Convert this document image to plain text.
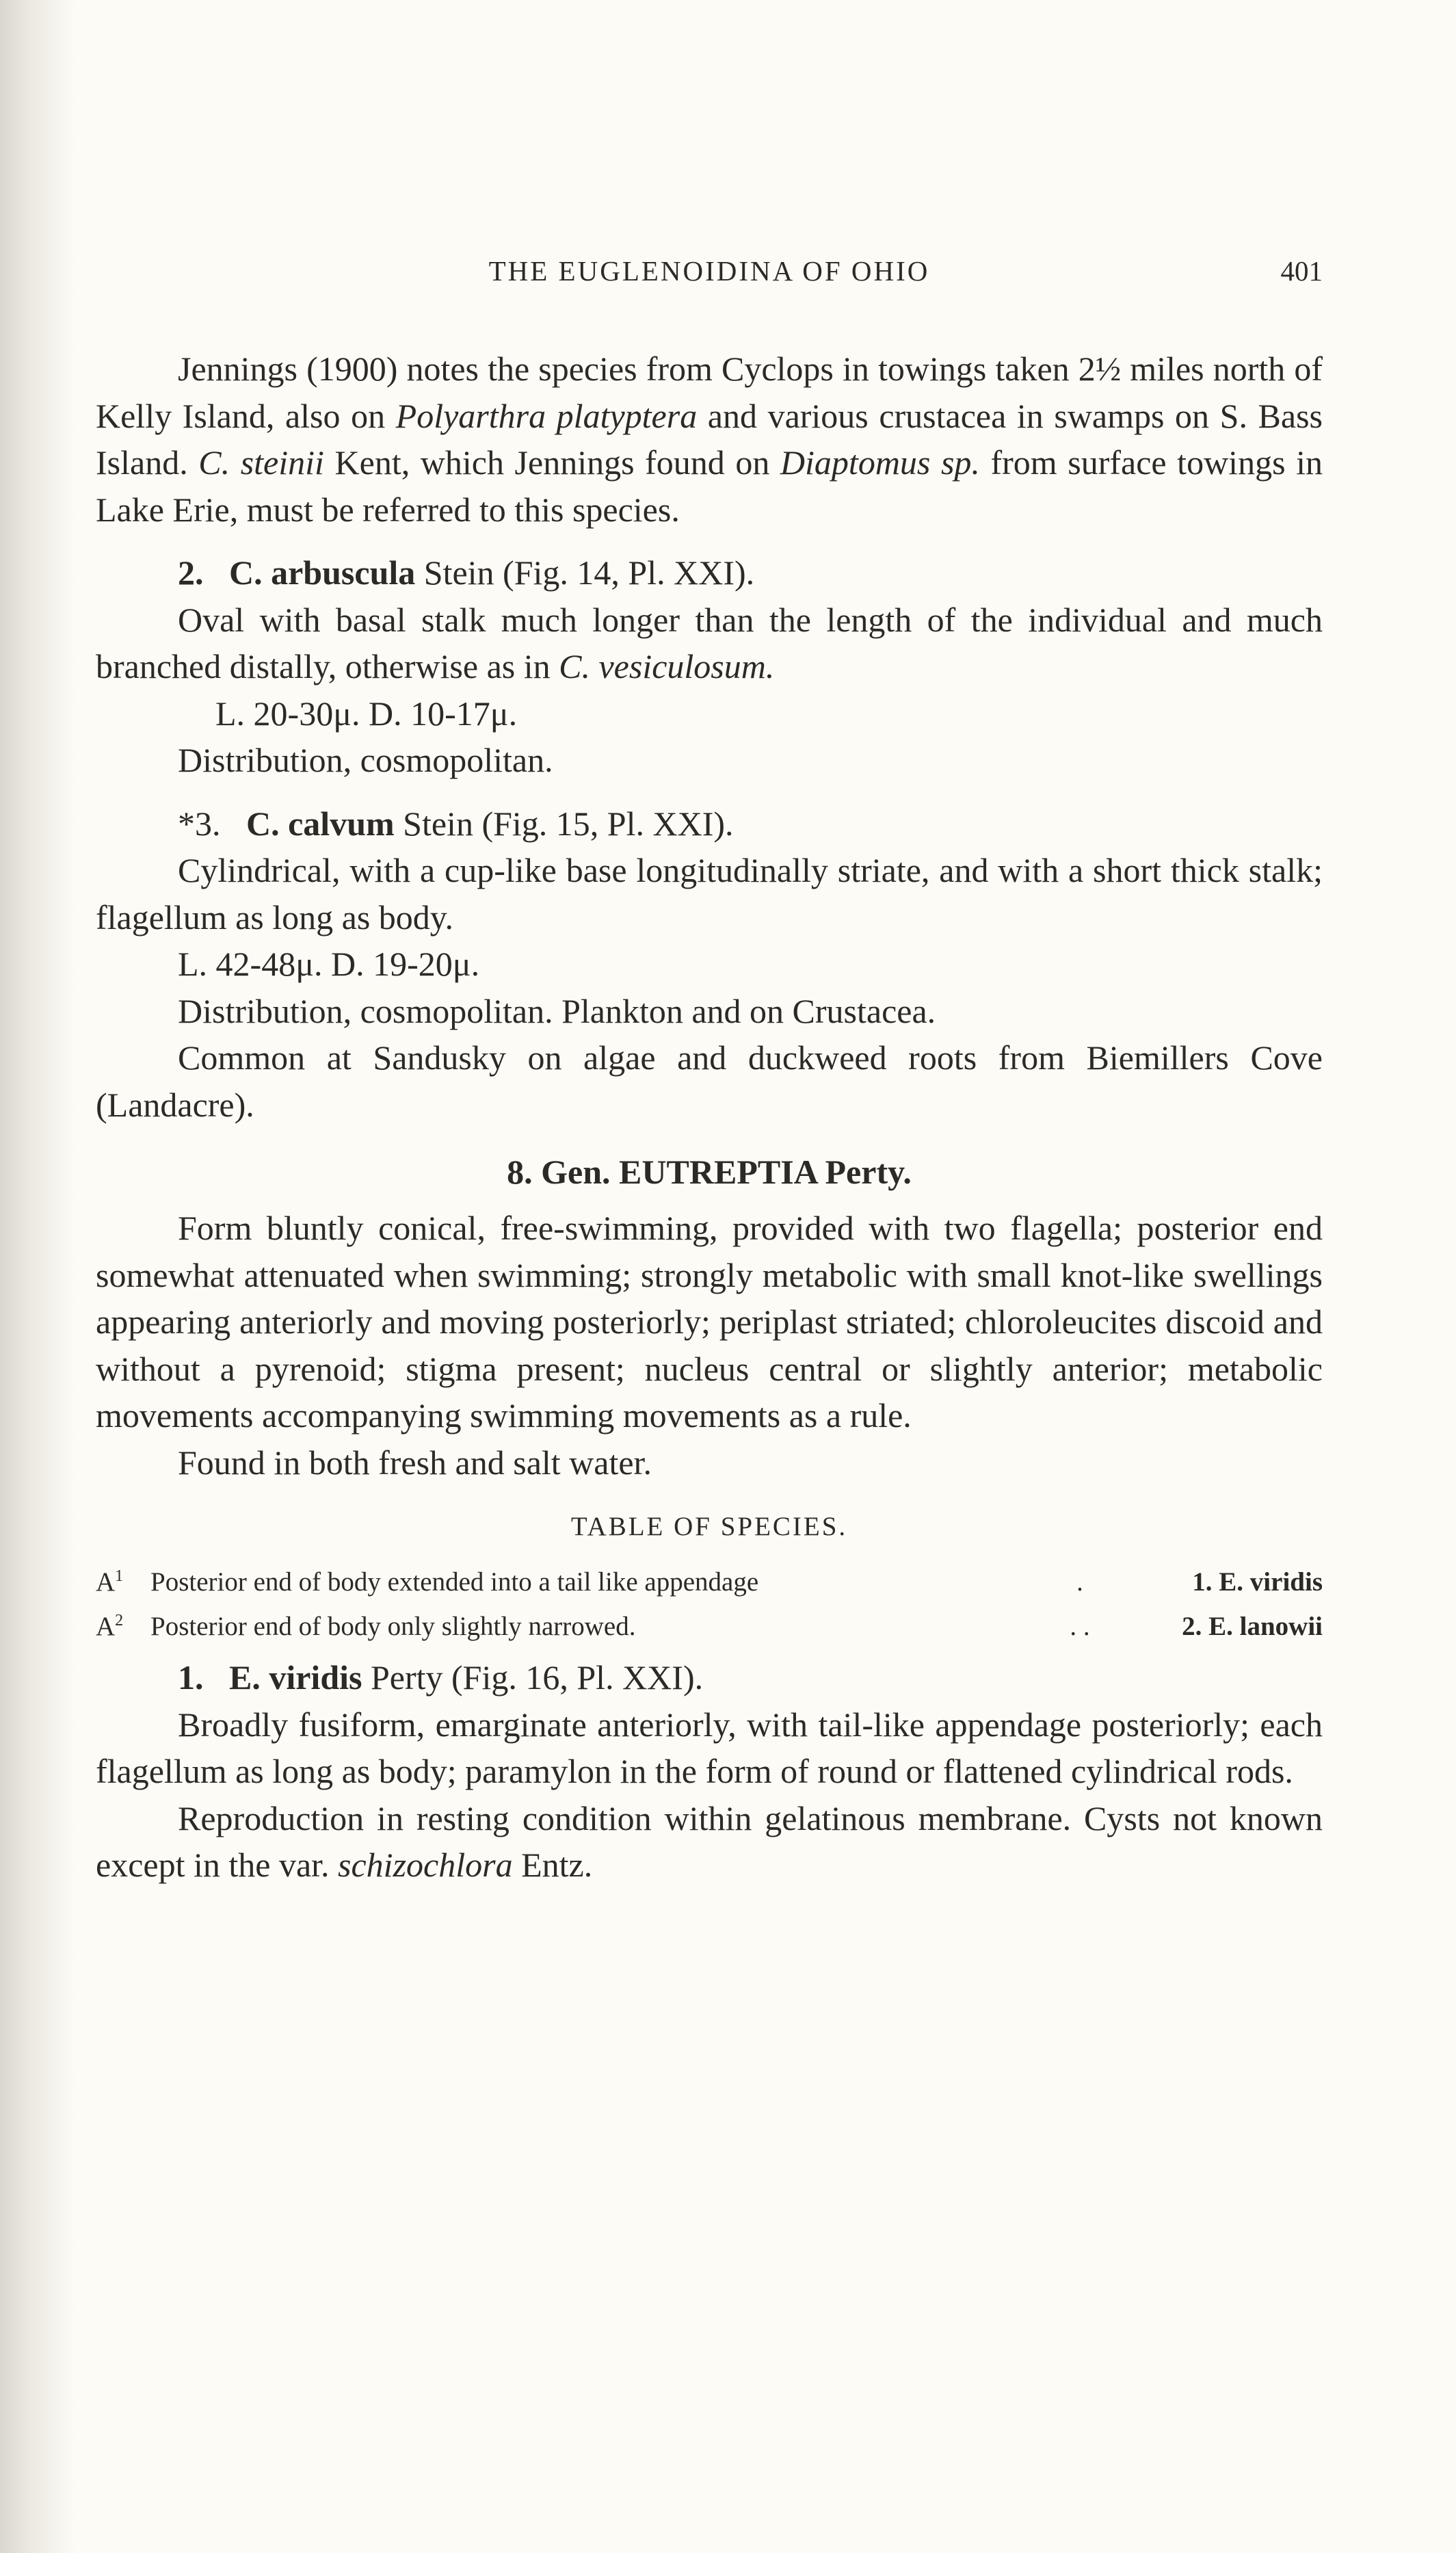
THE EUGLENOIDINA OF OHIO	401

Jennings (1900) notes the species from Cyclops in towings taken 2½ miles north of Kelly Island, also on Polyarthra platyptera and various crustacea in swamps on S. Bass Island. C. steinii Kent, which Jennings found on Diaptomus sp. from surface towings in Lake Erie, must be referred to this species.

2. C. arbuscula Stein (Fig. 14, Pl. XXI).

Oval with basal stalk much longer than the length of the individual and much branched distally, otherwise as in C. vesiculosum.

L. 20-30μ. D. 10-17μ.

Distribution, cosmopolitan.

*3. C. calvum Stein (Fig. 15, Pl. XXI).

Cylindrical, with a cup-like base longitudinally striate, and with a short thick stalk; flagellum as long as body.

L. 42-48μ. D. 19-20μ.

Distribution, cosmopolitan. Plankton and on Crustacea.

Common at Sandusky on algae and duckweed roots from Biemillers Cove (Landacre).

8. Gen. EUTREPTIA Perty.

Form bluntly conical, free-swimming, provided with two flagella; posterior end somewhat attenuated when swimming; strongly metabolic with small knot-like swellings appearing anteriorly and moving posteriorly; periplast striated; chloroleucites discoid and without a pyrenoid; stigma present; nucleus central or slightly anterior; metabolic movements accompanying swimming movements as a rule.

Found in both fresh and salt water.

TABLE OF SPECIES.
$A^1$	Posterior end of body extended into a tail like appendage	.	1. E. viridis
$A^2$	Posterior end of body only slightly narrowed.	. .	2. E. lanowii

1. E. viridis Perty (Fig. 16, Pl. XXI).

Broadly fusiform, emarginate anteriorly, with tail-like appendage posteriorly; each flagellum as long as body; paramylon in the form of round or flattened cylindrical rods.

Reproduction in resting condition within gelatinous membrane. Cysts not known except in the var. schizochlora Entz.
